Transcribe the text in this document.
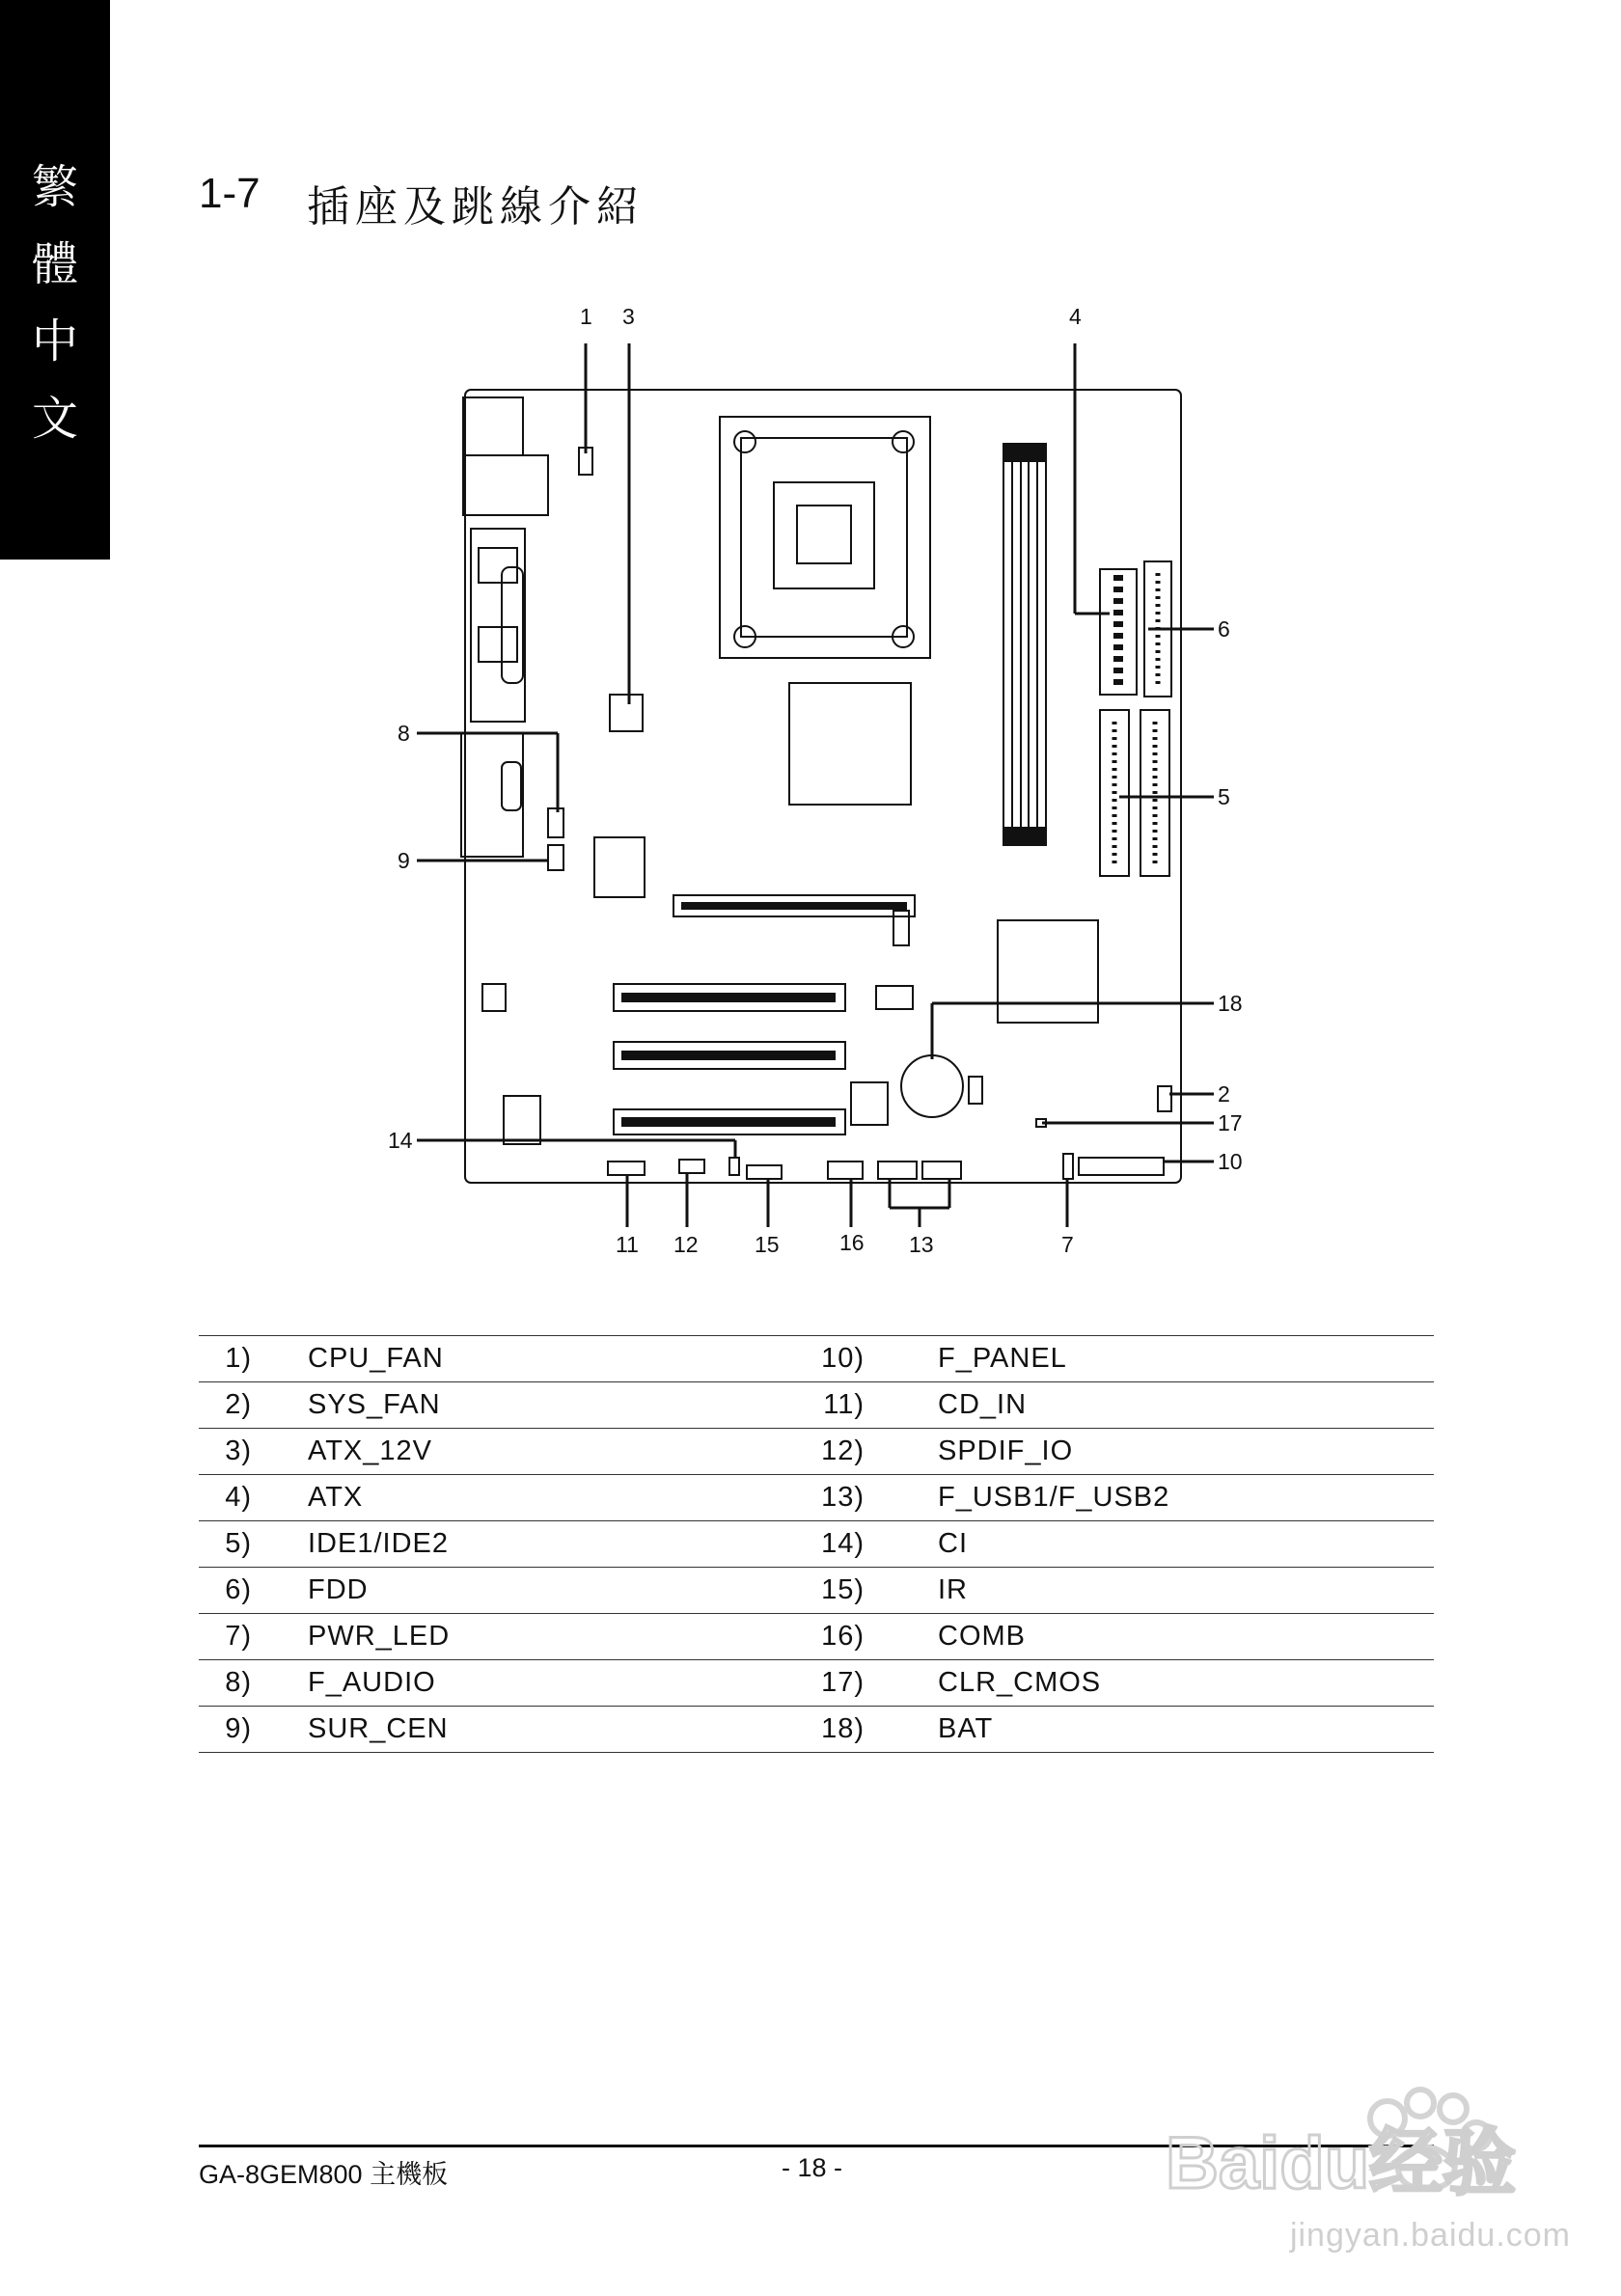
繁
體
中
文
1-7 插座及跳線介紹
1 3	4
6
5
8
9
18
2
17
10
14
11 12	15	16 13	7
1)		CPU_FAN	10)		F_PANEL
2)		SYS_FAN	11)		CD_IN
3)		ATX_12V	12)		SPDIF_IO
4)		ATX	13)		F_USB1/F_USB2
5)		IDE1/IDE2	14)		CI
6)		FDD	15)		IR
7)		PWR_LED	16)		COMB
8)		F_AUDIO	17)		CLR_CMOS
9)		SUR_CEN	18)		BAT
GA-8GEM800 主機板	- 18 -	Baidu经验
jingyan.baidu.com
